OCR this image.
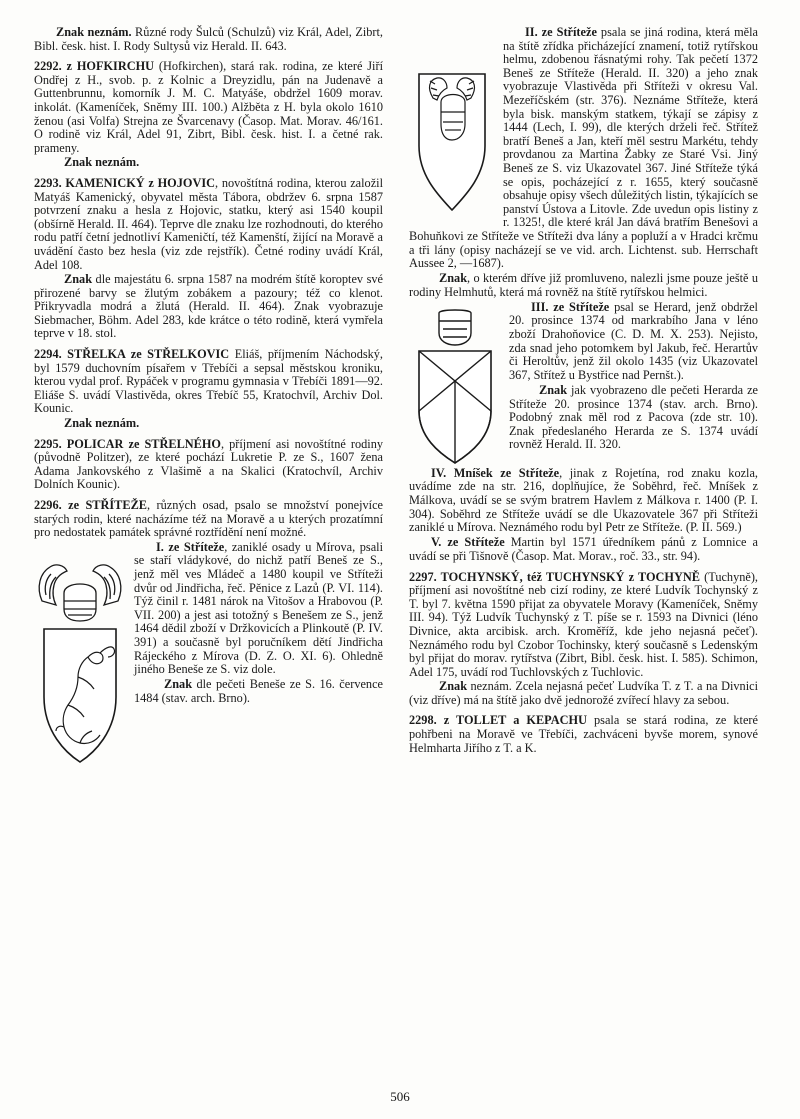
Znak neznám. Různé rody Šulců (Schulzů) viz Král, Adel, Zibrt, Bibl. česk. hist. I. Rody Sultysů viz Herald. II. 643.

2292. z HOFKIRCHU (Hofkirchen), stará rak. rodina, ze které Jiří Ondřej z H., svob. p. z Kolnic a Dreyzidlu, pán na Judenavě a Guttenbrunnu, komorník J. M. C. Matyáše, obdržel 1609 morav. inkolát. (Kameníček, Sněmy III. 100.) Alžběta z H. byla okolo 1610 ženou (asi Volfa) Strejna ze Švarcenavy (Časop. Mat. Morav. 46/161. O rodině viz Král, Adel 91, Zibrt, Bibl. česk. hist. I. a četné rak. prameny.

Znak neznám.

2293. KAMENICKÝ z HOJOVIC, novoštítná rodina, kterou založil Matyáš Kamenický, obyvatel města Tábora, obdržev 6. srpna 1587 potvrzení znaku a hesla z Hojovic, statku, který asi 1540 koupil (obšírně Herald. II. 464). Teprve dle znaku lze rozhodnouti, do kterého rodu patří četní jednotliví Kameničtí, též Kamenští, žijící na Moravě a uvádění často bez hesla (viz zde rejstřík). Četné rodiny uvádí Král, Adel 108.

Znak dle majestátu 6. srpna 1587 na modrém štítě koroptev své přirozené barvy se žlutým zobákem a pazoury; též co klenot. Přikryvadla modrá a žlutá (Herald. II. 464). Znak vyobrazuje Siebmacher, Böhm. Adel 283, kde krátce o této rodině, která vymřela teprve v 18. stol.

2294. STŘELKA ze STŘELKOVIC Eliáš, příjmením Náchodský, byl 1579 duchovním písařem v Třebíči a sepsal městskou kroniku, kterou vydal prof. Rypáček v programu gymnasia v Třebíči 1891—92. Eliáše S. uvádí Vlastivěda, okres Třebíč 55, Kratochvíl, Archiv Dol. Kounic.

Znak neznám.

2295. POLICAR ze STŘELNÉHO, příjmení asi novoštítné rodiny (původně Politzer), ze které pochází Lukretie P. ze S., 1607 žena Adama Jankovského z Vlašimě a na Skalici (Kratochvíl, Archiv Dolních Kounic).

2296. ze STŘÍTEŽE, různých osad, psalo se množství ponejvíce starých rodin, které nacházíme též na Moravě a u kterých prozatímní pro nedostatek památek správné roztřídění není možné.

I. ze Stříteže, zaniklé osady u Mírova, psali se staří vládykové, do nichž patří Beneš ze S., jenž měl ves Mládeč a 1480 koupil ve Stříteži dvůr od Jindřicha, řeč. Pěnice z Lazů (P. VI. 114). Týž činil r. 1481 nárok na Vitošov a Hrabovou (P. VII. 200) a jest asi totožný s Benešem ze S., jenž 1464 dědil zboží v Držkovicích a Plinkoutě (P. IV. 391) a současně byl poručníkem dětí Jindřicha Rájeckého z Mírova (D. Z. O. XI. 6). Ohledně jiného Beneše ze S. viz dole.

Znak dle pečeti Beneše ze S. 16. července 1484 (stav. arch. Brno).

II. ze Stříteže psala se jiná rodina, která měla na štítě zřídka přicházející znamení, totiž rytířskou helmu, zdobenou řásnatými rohy. Tak pečetí 1372 Beneš ze Stříteže (Herald. II. 320) a jeho znak vyobrazuje Vlastivěda při Stříteži v okresu Val. Mezeříčském (str. 376). Neznáme Stříteže, která byla bisk. manským statkem, týkají se zápisy z 1444 (Lech, I. 99), dle kterých drželi řeč. Střítež bratří Beneš a Jan, kteří měl sestru Markétu, tehdy provdanou za Martina Žabky ze Staré Vsi. Jiný Beneš ze S. viz Ukazovatel 367. Jiné Stříteže týká se opis, pocházející z r. 1655, který současně obsahuje opisy všech důležitých listin, týkajících se panství Ústova a Litovle. Zde uvedun opis listiny z r. 1325!, dle které král Jan dává bratřím Benešovi a Bohuňkovi ze Stříteže ve Stříteži dva lány a popluží a v Hradci krčmu a tři lány (opisy nacházejí se ve vid. arch. Lichtenst. sub. Herrschaft Aussee 2, —1687).

Znak, o kterém dříve již promluveno, nalezli jsme pouze ještě u rodiny Helmhutů, která má rovněž na štítě rytířskou helmici.

III. ze Stříteže psal se Herard, jenž obdržel 20. prosince 1374 od markrabího Jana v léno zboží Drahoňovice (C. D. M. X. 253). Nejisto, zda snad jeho potomkem byl Jakub, řeč. Herartův či Heroltův, jenž žil okolo 1435 (viz Ukazovatel 367, Střítež u Bystřice nad Pernšt.).

Znak jak vyobrazeno dle pečeti Herarda ze Stříteže 20. prosince 1374 (stav. arch. Brno). Podobný znak měl rod z Pacova (zde str. 10). Znak předeslaného Herarda ze S. 1374 uvádí rovněž Herald. II. 320.

IV. Mníšek ze Stříteže, jinak z Rojetína, rod znaku kozla, uvádíme zde na str. 216, doplňujíce, že Soběhrd, řeč. Mníšek z Málkova, uvádí se se svým bratrem Havlem z Málkova r. 1400 (P. I. 304). Soběhrd ze Stříteže uvádí se dle Ukazovatele 367 při Stříteži zaniklé u Mírova. Neznámého rodu byl Petr ze Stříteže. (P. II. 569.)

V. ze Stříteže Martin byl 1571 úředníkem pánů z Lomnice a uvádí se při Tišnově (Časop. Mat. Morav., roč. 33., str. 94).

2297. TOCHYNSKÝ, též TUCHYNSKÝ z TOCHYNĚ (Tuchyně), příjmení asi novoštítné neb cizí rodiny, ze které Ludvík Tochynský z T. byl 7. května 1590 přijat za obyvatele Moravy (Kameníček, Sněmy III. 94). Týž Ludvík Tuchynský z T. píše se r. 1593 na Divnici (léno Divnice, akta arcibisk. arch. Kroměříž, kde jeho nejasná pečeť). Neznámého rodu byl Czobor Tochinsky, který současně s Ledenským byl přijat do morav. rytířstva (Zibrt, Bibl. česk. hist. I. 585). Schimon, Adel 175, uvádí rod Tuchlovských z Tuchlovic.

Znak neznám. Zcela nejasná pečeť Ludvíka T. z T. a na Divnici (viz dříve) má na štítě jako dvě jednorožé zvířecí hlavy za sebou.

2298. z TOLLET a KEPACHU psala se stará rodina, ze které pohřbeni na Moravě ve Třebíči, zachváceni byvše morem, synové Helmharta Jiřího z T. a K.

506
